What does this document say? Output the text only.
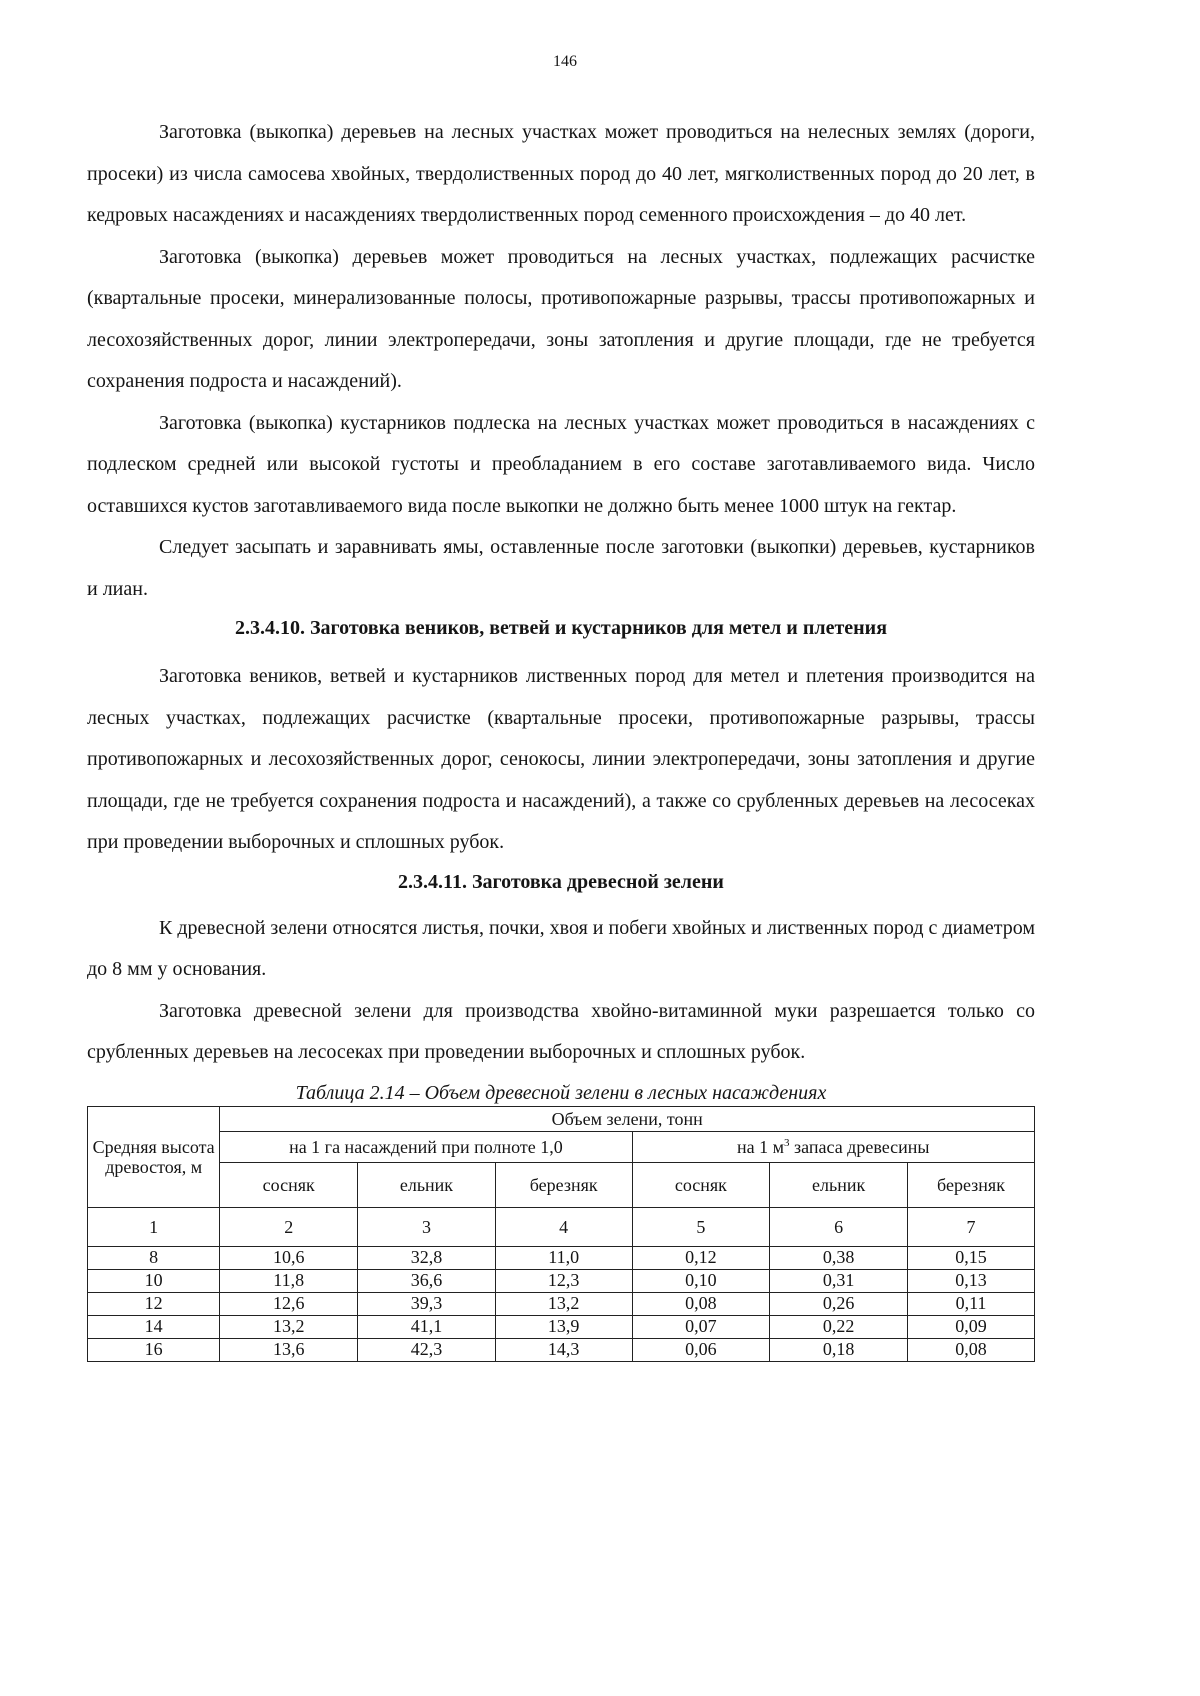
146

Заготовка (выкопка) деревьев на лесных участках может проводиться на нелесных землях (дороги, просеки) из числа самосева хвойных, твердолиственных пород до 40 лет, мягколиственных пород до 20 лет, в кедровых насаждениях и насаждениях твердолиственных пород семенного происхождения – до 40 лет.

Заготовка (выкопка) деревьев может проводиться на лесных участках, подлежащих расчистке (квартальные просеки, минерализованные полосы, противопожарные разрывы, трассы противопожарных и лесохозяйственных дорог, линии электропередачи, зоны затопления и другие площади, где не требуется сохранения подроста и насаждений).

Заготовка (выкопка) кустарников подлеска на лесных участках может проводиться в насаждениях с подлеском средней или высокой густоты и преобладанием в его составе заготавливаемого вида. Число оставшихся кустов заготавливаемого вида после выкопки не должно быть менее 1000 штук на гектар.

Следует засыпать и заравнивать ямы, оставленные после заготовки (выкопки) деревьев, кустарников и лиан.

2.3.4.10. Заготовка веников, ветвей и кустарников для метел и плетения

Заготовка веников, ветвей и кустарников лиственных пород для метел и плетения производится на лесных участках, подлежащих расчистке (квартальные просеки, противопожарные разрывы, трассы противопожарных и лесохозяйственных дорог, сенокосы, линии электропередачи, зоны затопления и другие площади, где не требуется сохранения подроста и насаждений), а также со срубленных деревьев на лесосеках при проведении выборочных и сплошных рубок.

2.3.4.11. Заготовка древесной зелени

К древесной зелени относятся листья, почки, хвоя и побеги хвойных и лиственных пород с диаметром до 8 мм у основания.

Заготовка древесной зелени для производства хвойно-витаминной муки разрешается только со срубленных деревьев на лесосеках при проведении выборочных и сплошных рубок.

Таблица 2.14 – Объем древесной зелени в лесных насаждениях
Средняя высота древостоя, м	Объем зелени, тонн					
	на 1 га насаждений при полноте 1,0			на 1 $м^3$ запаса древесины		
	сосняк	ельник	березняк	сосняк	ельник	березняк
1	2	3	4	5	6	7
8	10,6	32,8	11,0	0,12	0,38	0,15
10	11,8	36,6	12,3	0,10	0,31	0,13
12	12,6	39,3	13,2	0,08	0,26	0,11
14	13,2	41,1	13,9	0,07	0,22	0,09
16	13,6	42,3	14,3	0,06	0,18	0,08
